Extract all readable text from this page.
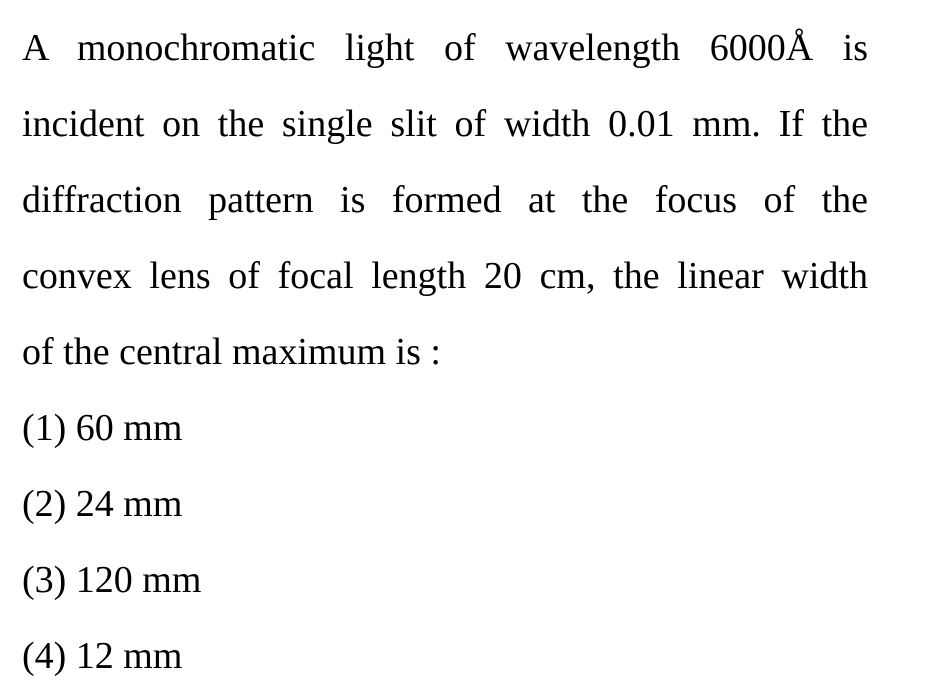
A monochromatic light of wavelength 6000Å is
incident on the single slit of width 0.01 mm. If the
diffraction pattern is formed at the focus of the
convex lens of focal length 20 cm, the linear width
of the central maximum is :

(1) 60 mm
(2) 24 mm
(3) 120 mm
(4) 12 mm
